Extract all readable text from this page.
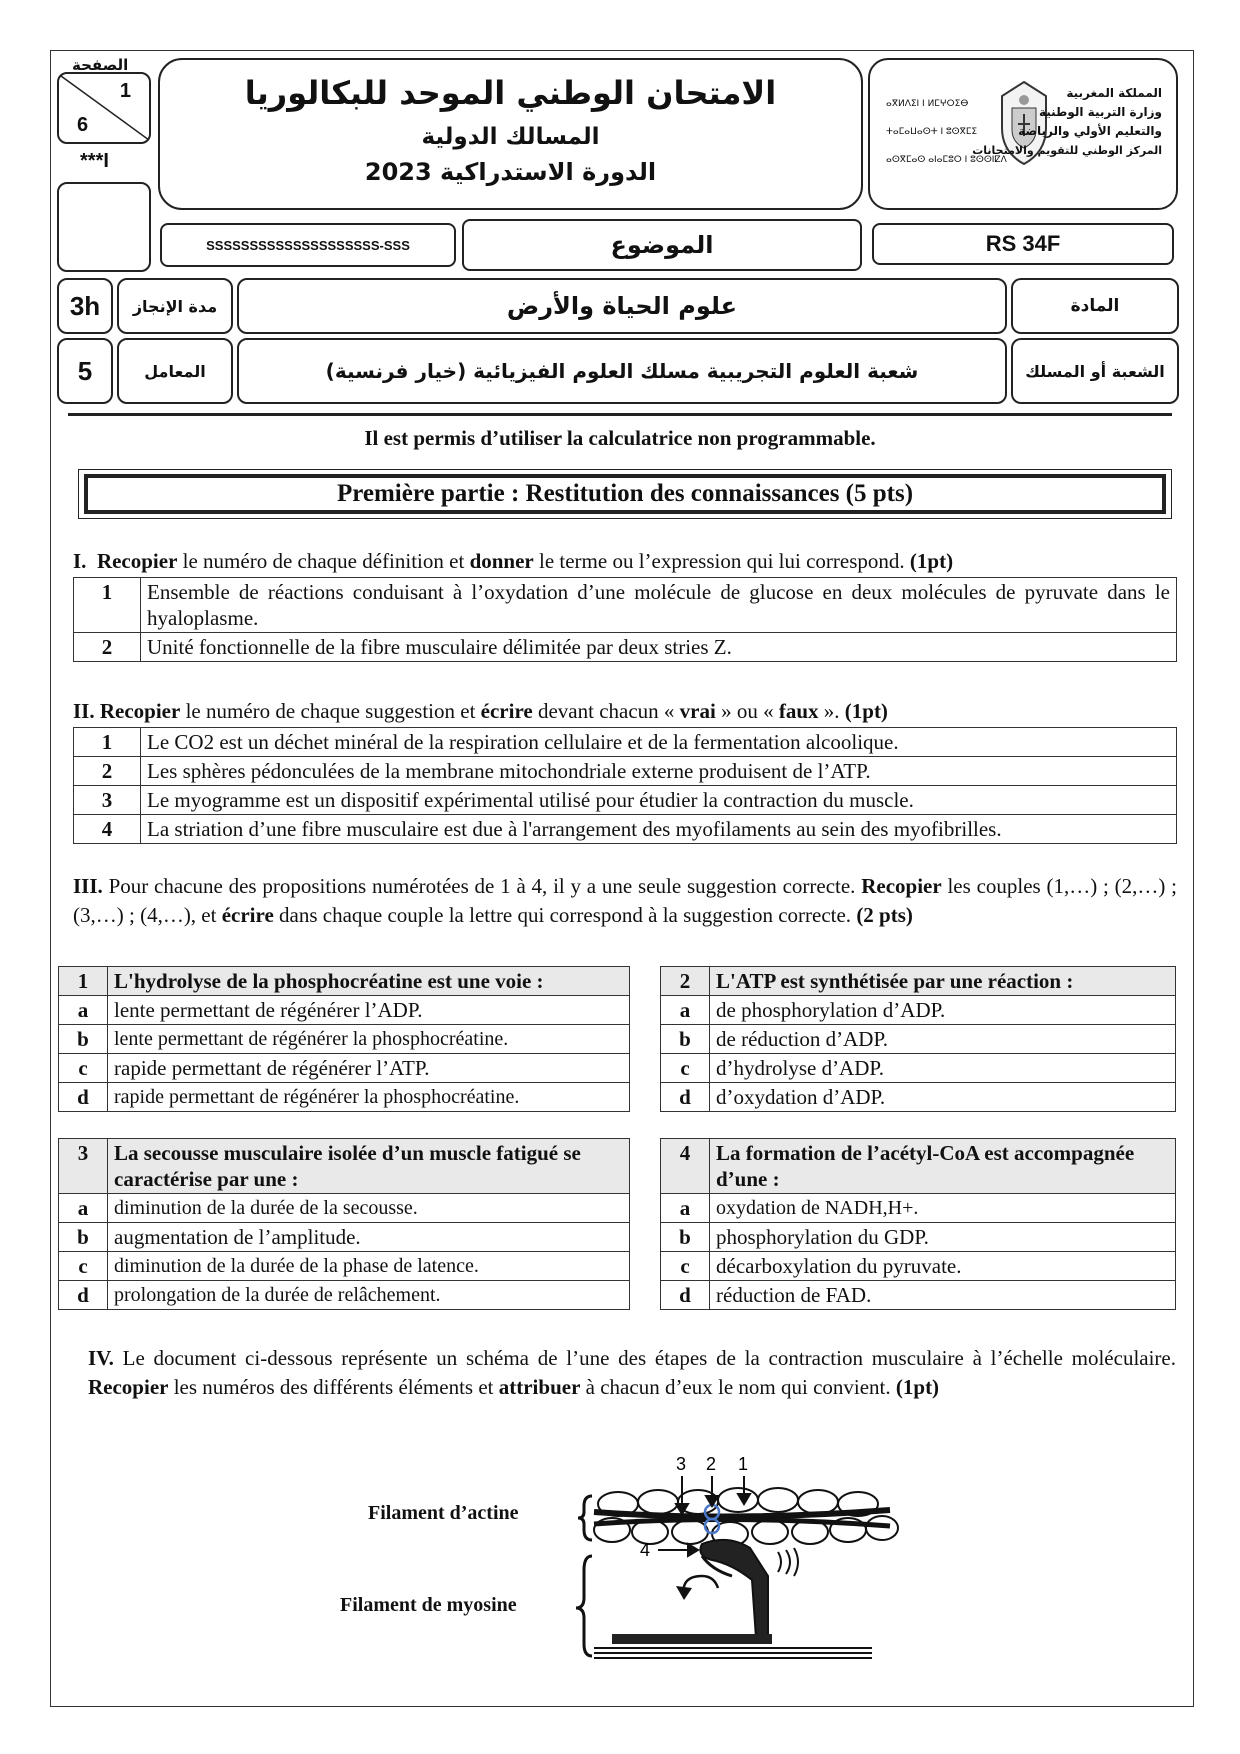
1
6
الصفحة
***I
الامتحان الوطني الموحد للبكالوريا
المسالك الدولية
الدورة الاستدراكية 2023
ⴰⴳⵍⴷⵉⵏ ⵏ ⵍⵎⵖⵔⵉⴱ
ⵜⴰⵎⴰⵡⴰⵙⵜ ⵏ ⵓⵙⴳⵎⵉ
ⴰⵙⴳⵎⴰⵙ ⴰⵏⴰⵎⵓⵔ ⵏ ⵓⵙⵙⵏⵇⴷ
المملكة المغربية
وزارة التربية الوطنية
والتعليم الأولي والرياضة
المركز الوطني للتقويم والامتحانات
SSSSSSSSSSSSSSSSSSSS-SSS	الموضوع	RS 34F
3h مدة الإنجاز	علوم الحياة والأرض	المادة
5	المعامل	شعبة العلوم التجريبية مسلك العلوم الفيزيائية (خيار فرنسية)	الشعبة أو المسلك
Il est permis d’utiliser la calculatrice non programmable.
Première partie : Restitution des connaissances (5 pts)
I. Recopier le numéro de chaque définition et donner le terme ou l’expression qui lui correspond. (1pt)
1	Ensemble de réactions conduisant à l’oxydation d’une molécule de glucose en deux molécules de pyruvate dans le hyaloplasme.
2	Unité fonctionnelle de la fibre musculaire délimitée par deux stries Z.
II. Recopier le numéro de chaque suggestion et écrire devant chacun « vrai » ou « faux ». (1pt)
1	Le CO2 est un déchet minéral de la respiration cellulaire et de la fermentation alcoolique.
2	Les sphères pédonculées de la membrane mitochondriale externe produisent de l’ATP.
3	Le myogramme est un dispositif expérimental utilisé pour étudier la contraction du muscle.
4	La striation d’une fibre musculaire est due à l'arrangement des myofilaments au sein des myofibrilles.
III. Pour chacune des propositions numérotées de 1 à 4, il y a une seule suggestion correcte. Recopier les couples (1,…) ; (2,…) ; (3,…) ; (4,…), et écrire dans chaque couple la lettre qui correspond à la suggestion correcte. (2 pts)
1	L'hydrolyse de la phosphocréatine est une voie :
a	lente permettant de régénérer l’ADP.
b	lente permettant de régénérer la phosphocréatine.
c	rapide permettant de régénérer l’ATP.
d	rapide permettant de régénérer la phosphocréatine.
2	L'ATP est synthétisée par une réaction :
a	de phosphorylation d’ADP.
b	de réduction d’ADP.
c	d’hydrolyse d’ADP.
d	d’oxydation d’ADP.
3	La secousse musculaire isolée d’un muscle fatigué se caractérise par une :
a	diminution de la durée de la secousse.
b	augmentation de l’amplitude.
c	diminution de la durée de la phase de latence.
d	prolongation de la durée de relâchement.
4	La formation de l’acétyl-CoA est accompagnée d’une :
a	oxydation de NADH,H+.
b	phosphorylation du GDP.
c	décarboxylation du pyruvate.
d	réduction de FAD.
IV. Le document ci-dessous représente un schéma de l’une des étapes de la contraction musculaire à l’échelle moléculaire. Recopier les numéros des différents éléments et attribuer à chacun d’eux le nom qui convient. (1pt)
Filament d’actine
Filament de myosine
3 2 1
4
